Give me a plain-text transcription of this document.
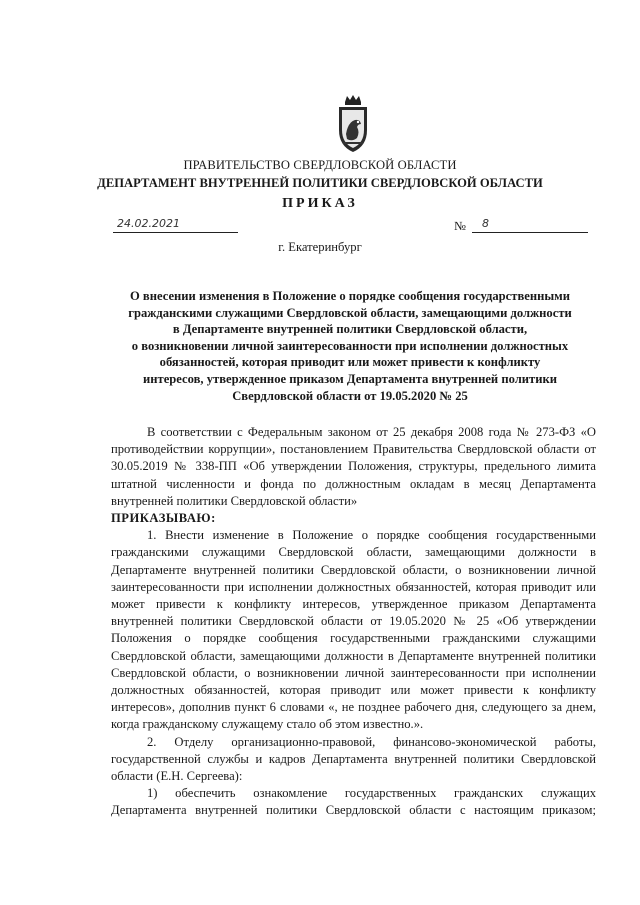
ПРАВИТЕЛЬСТВО СВЕРДЛОВСКОЙ ОБЛАСТИ
ДЕПАРТАМЕНТ ВНУТРЕННЕЙ ПОЛИТИКИ СВЕРДЛОВСКОЙ ОБЛАСТИ
ПРИКАЗ
24.02.2021	№ 8
г. Екатеринбург
О внесении изменения в Положение о порядке сообщения государственными
гражданскими служащими Свердловской области, замещающими должности
в Департаменте внутренней политики Свердловской области,
о возникновении личной заинтересованности при исполнении должностных
обязанностей, которая приводит или может привести к конфликту
интересов, утвержденное приказом Департамента внутренней политики
Свердловской области от 19.05.2020 № 25

В соответствии с Федеральным законом от 25 декабря 2008 года № 273-ФЗ «О противодействии коррупции», постановлением Правительства Свердловской области от 30.05.2019 № 338-ПП «Об утверждении Положения, структуры, предельного лимита штатной численности и фонда по должностным окладам в месяц Департамента внутренней политики Свердловской области»

ПРИКАЗЫВАЮ:

1. Внести изменение в Положение о порядке сообщения государственными гражданскими служащими Свердловской области, замещающими должности в Департаменте внутренней политики Свердловской области, о возникновении личной заинтересованности при исполнении должностных обязанностей, которая приводит или может привести к конфликту интересов, утвержденное приказом Департамента внутренней политики Свердловской области от 19.05.2020 № 25 «Об утверждении Положения о порядке сообщения государственными гражданскими служащими Свердловской области, замещающими должности в Департаменте внутренней политики Свердловской области, о возникновении личной заинтересованности при исполнении должностных обязанностей, которая приводит или может привести к конфликту интересов», дополнив пункт 6 словами «, не позднее рабочего дня, следующего за днем, когда гражданскому служащему стало об этом известно.».

2. Отделу организационно-правовой, финансово-экономической работы, государственной службы и кадров Департамента внутренней политики Свердловской области (Е.Н. Сергеева):

1) обеспечить ознакомление государственных гражданских служащих Департамента внутренней политики Свердловской области с настоящим приказом;
